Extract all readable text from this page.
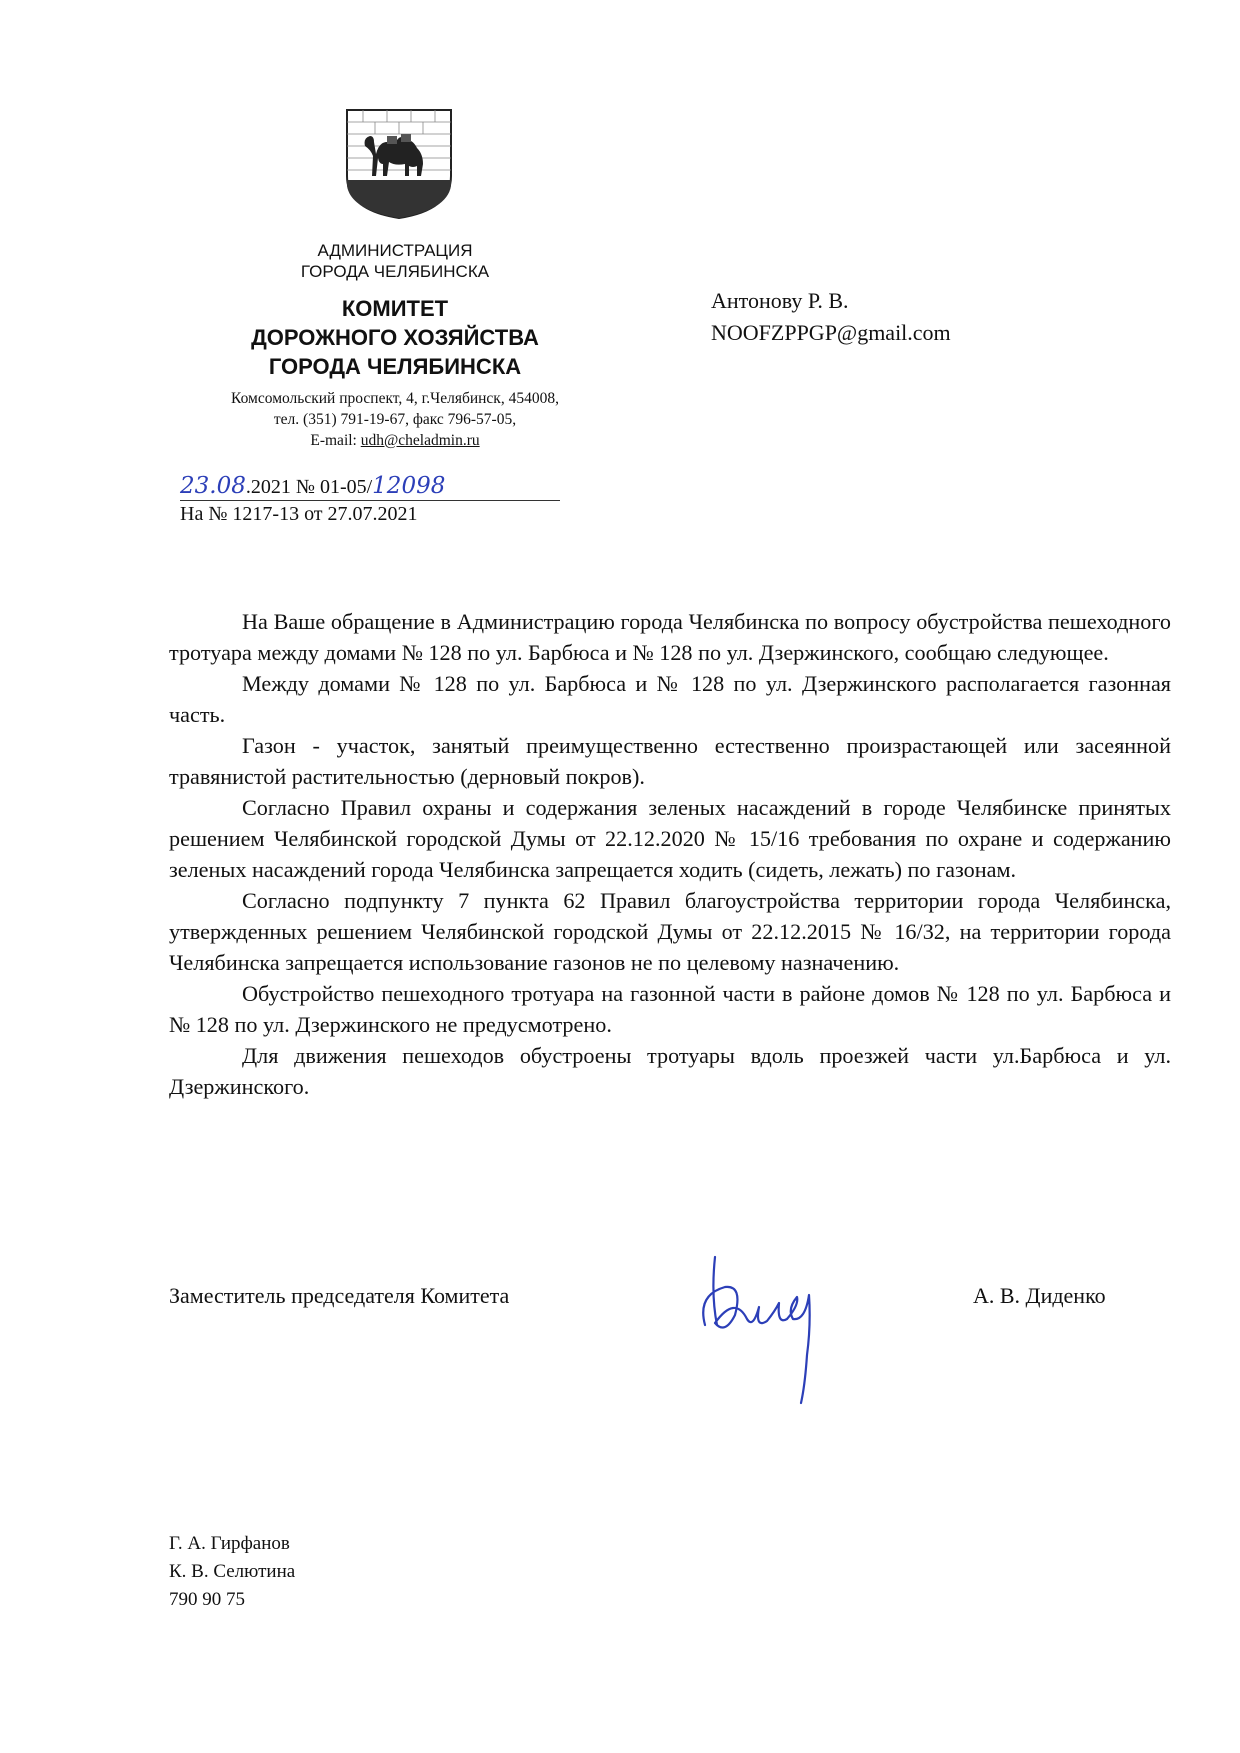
АДМИНИСТРАЦИЯ
ГОРОДА ЧЕЛЯБИНСКА
КОМИТЕТ
ДОРОЖНОГО ХОЗЯЙСТВА
ГОРОДА ЧЕЛЯБИНСКА
Комсомольский проспект, 4, г.Челябинск, 454008,
тел. (351) 791-19-67, факс 796-57-05,
E-mail: udh@cheladmin.ru
Антонову Р. В.
NOOFZPPGP@gmail.com
23.08.2021 № 01-05/12098
На № 1217-13 от 27.07.2021

На Ваше обращение в Администрацию города Челябинска по вопросу обустройства пешеходного тротуара между домами № 128 по ул. Барбюса и № 128 по ул. Дзержинского, сообщаю следующее.

Между домами № 128 по ул. Барбюса и № 128 по ул. Дзержинского располагается газонная часть.

Газон - участок, занятый преимущественно естественно произрастающей или засеянной травянистой растительностью (дерновый покров).

Согласно Правил охраны и содержания зеленых насаждений в городе Челябинске принятых решением Челябинской городской Думы от 22.12.2020 № 15/16 требования по охране и содержанию зеленых насаждений города Челябинска запрещается ходить (сидеть, лежать) по газонам.

Согласно подпункту 7 пункта 62 Правил благоустройства территории города Челябинска, утвержденных решением Челябинской городской Думы от 22.12.2015 № 16/32, на территории города Челябинска запрещается использование газонов не по целевому назначению.

Обустройство пешеходного тротуара на газонной части в районе домов № 128 по ул. Барбюса и № 128 по ул. Дзержинского не предусмотрено.

Для движения пешеходов обустроены тротуары вдоль проезжей части ул.Барбюса и ул. Дзержинского.

Заместитель председателя Комитета	А. В. Диденко
Г. А. Гирфанов
К. В. Селютина
790 90 75
